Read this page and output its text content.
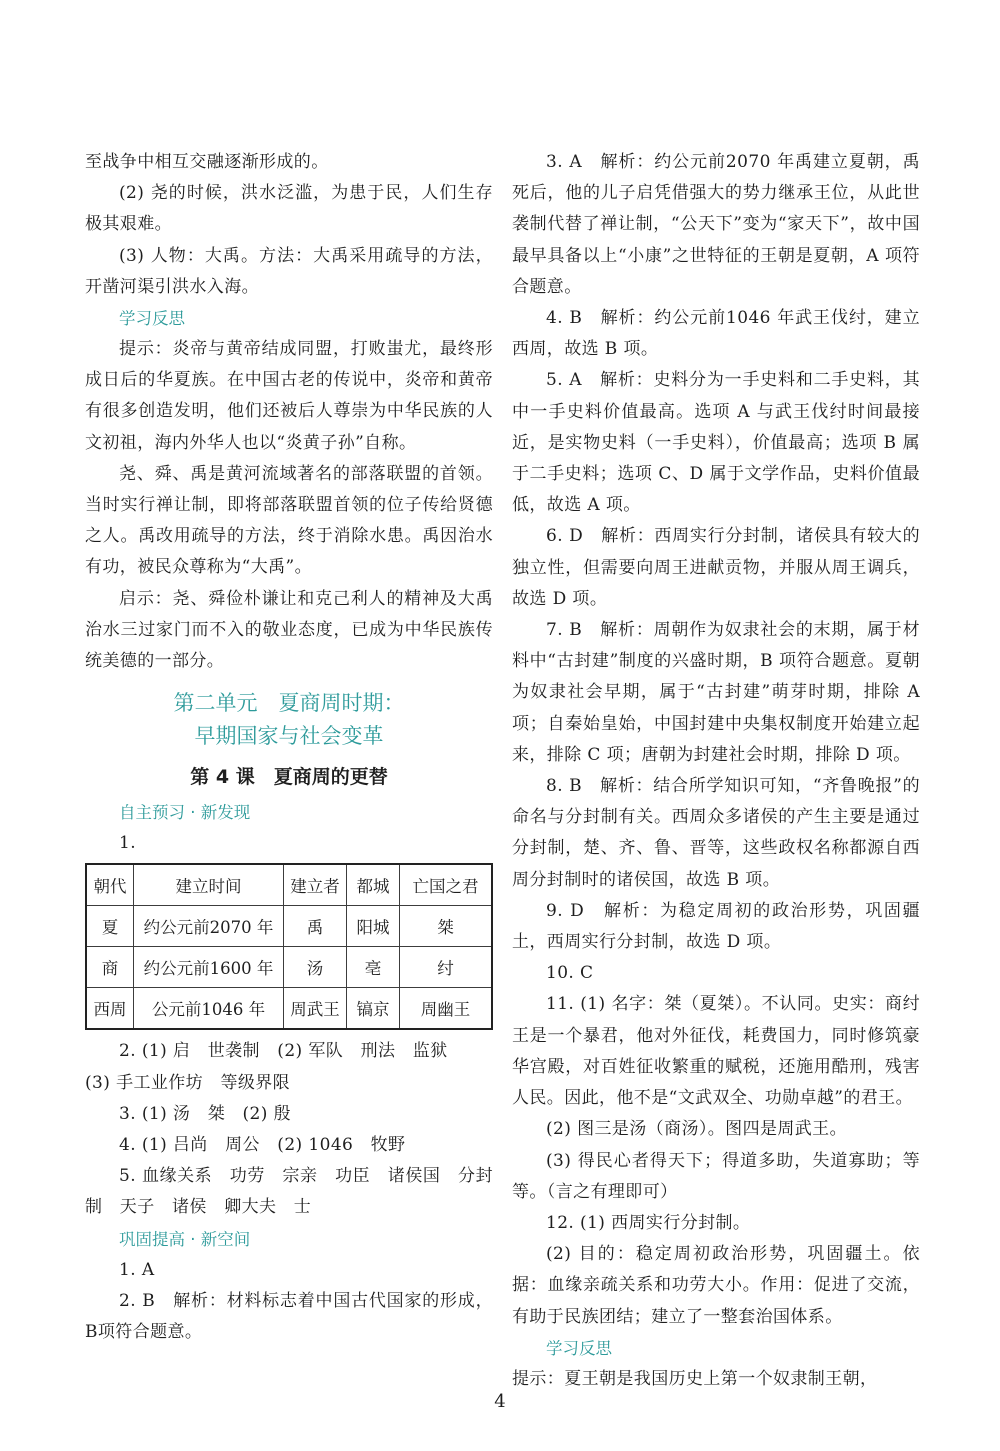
至战争中相互交融逐渐形成的。

(2) 尧的时候，洪水泛滥，为患于民，人们生存极其艰难。

(3) 人物：大禹。方法：大禹采用疏导的方法，开凿河渠引洪水入海。

学习反思

提示：炎帝与黄帝结成同盟，打败蚩尤，最终形成日后的华夏族。在中国古老的传说中，炎帝和黄帝有很多创造发明，他们还被后人尊崇为中华民族的人文初祖，海内外华人也以“炎黄子孙”自称。

尧、舜、禹是黄河流域著名的部落联盟的首领。当时实行禅让制，即将部落联盟首领的位子传给贤德之人。禹改用疏导的方法，终于消除水患。禹因治水有功，被民众尊称为“大禹”。

启示：尧、舜俭朴谦让和克己利人的精神及大禹治水三过家门而不入的敬业态度，已成为中华民族传统美德的一部分。

第二单元　夏商周时期：

早期国家与社会变革

第 4 课　夏商周的更替

自主预习 · 新发现

1.

朝代	建立时间	建立者	都城	亡国之君
夏	约公元前2070 年	禹	阳城	桀
商	约公元前1600 年	汤	亳	纣
西周	公元前1046 年	周武王	镐京	周幽王

2. (1) 启　世袭制　(2) 军队　刑法　监狱

(3) 手工业作坊　等级界限

3. (1) 汤　桀　(2) 殷

4. (1) 吕尚　周公　(2) 1046　牧野

5. 血缘关系　功劳　宗亲　功臣　诸侯国　分封制　天子　诸侯　卿大夫　士

巩固提高 · 新空间

1. A

2. B　解析：材料标志着中国古代国家的形成，B项符合题意。

3. A　解析：约公元前2070 年禹建立夏朝，禹死后，他的儿子启凭借强大的势力继承王位，从此世袭制代替了禅让制，“公天下”变为“家天下”，故中国最早具备以上“小康”之世特征的王朝是夏朝，A 项符合题意。

4. B　解析：约公元前1046 年武王伐纣，建立西周，故选 B 项。

5. A　解析：史料分为一手史料和二手史料，其中一手史料价值最高。选项 A 与武王伐纣时间最接近，是实物史料（一手史料），价值最高；选项 B 属于二手史料；选项 C、D 属于文学作品，史料价值最低，故选 A 项。

6. D　解析：西周实行分封制，诸侯具有较大的独立性，但需要向周王进献贡物，并服从周王调兵，故选 D 项。

7. B　解析：周朝作为奴隶社会的末期，属于材料中“古封建”制度的兴盛时期，B 项符合题意。夏朝为奴隶社会早期，属于“古封建”萌芽时期，排除 A 项；自秦始皇始，中国封建中央集权制度开始建立起来，排除 C 项；唐朝为封建社会时期，排除 D 项。

8. B　解析：结合所学知识可知，“齐鲁晚报”的命名与分封制有关。西周众多诸侯的产生主要是通过分封制，楚、齐、鲁、晋等，这些政权名称都源自西周分封制时的诸侯国，故选 B 项。

9. D　解析：为稳定周初的政治形势，巩固疆土，西周实行分封制，故选 D 项。

10. C

11. (1) 名字：桀（夏桀）。不认同。史实：商纣王是一个暴君，他对外征伐，耗费国力，同时修筑豪华宫殿，对百姓征收繁重的赋税，还施用酷刑，残害人民。因此，他不是“文武双全、功勋卓越”的君王。

(2) 图三是汤（商汤）。图四是周武王。

(3) 得民心者得天下；得道多助，失道寡助；等等。（言之有理即可）

12. (1) 西周实行分封制。

(2) 目的：稳定周初政治形势，巩固疆土。依据：血缘亲疏关系和功劳大小。作用：促进了交流，有助于民族团结；建立了一整套治国体系。

学习反思

提示：夏王朝是我国历史上第一个奴隶制王朝，

4
